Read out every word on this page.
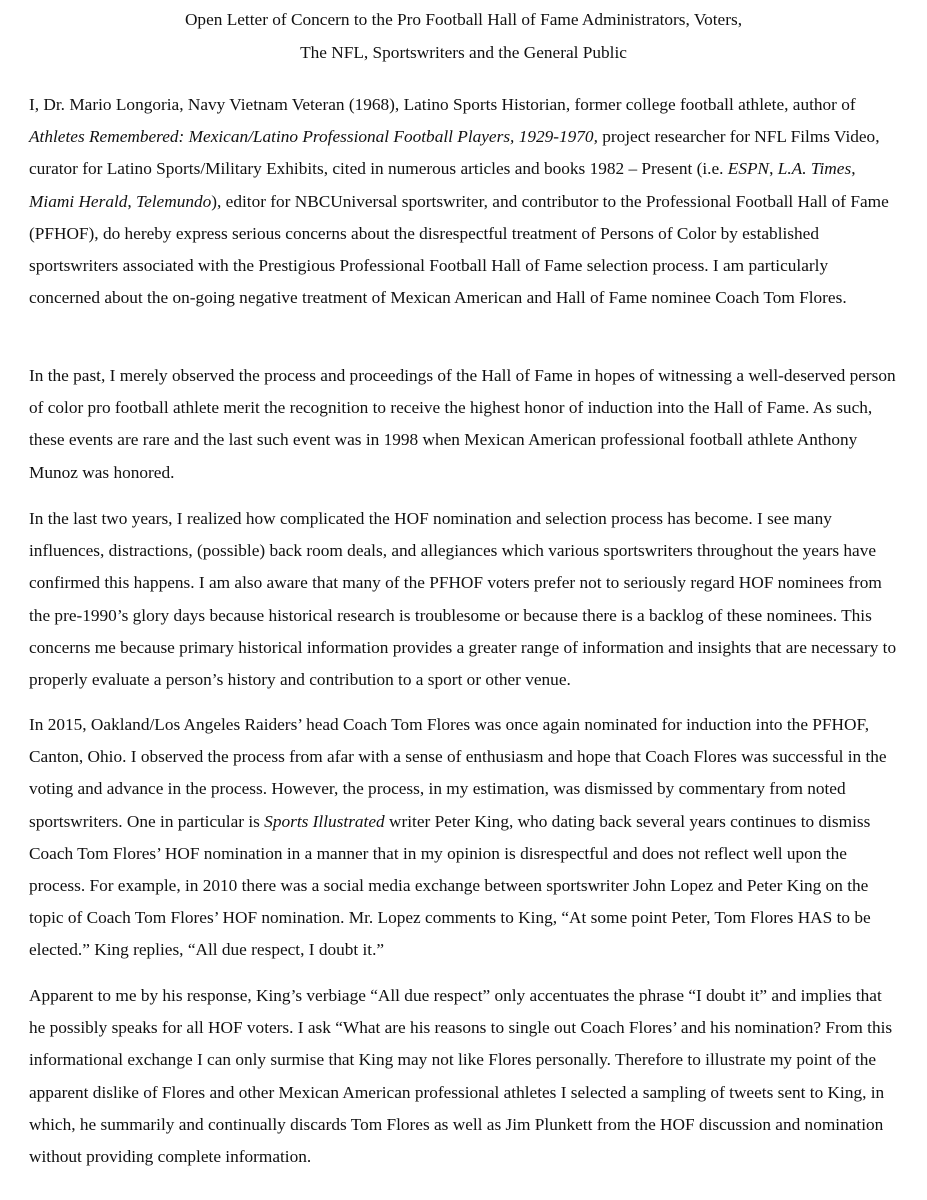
Open Letter of Concern to the Pro Football Hall of Fame Administrators, Voters,
The NFL, Sportswriters and the General Public

I, Dr. Mario Longoria, Navy Vietnam Veteran (1968), Latino Sports Historian, former college football athlete, author of Athletes Remembered: Mexican/Latino Professional Football Players, 1929-1970, project researcher for NFL Films Video, curator for Latino Sports/Military Exhibits, cited in numerous articles and books 1982 – Present (i.e. ESPN, L.A. Times, Miami Herald, Telemundo), editor for NBCUniversal sportswriter, and contributor to the Professional Football Hall of Fame (PFHOF), do hereby express serious concerns about the disrespectful treatment of Persons of Color by established sportswriters associated with the Prestigious Professional Football Hall of Fame selection process. I am particularly concerned about the on-going negative treatment of Mexican American and Hall of Fame nominee Coach Tom Flores.

In the past, I merely observed the process and proceedings of the Hall of Fame in hopes of witnessing a well-deserved person of color pro football athlete merit the recognition to receive the highest honor of induction into the Hall of Fame. As such, these events are rare and the last such event was in 1998 when Mexican American professional football athlete Anthony Munoz was honored.

In the last two years, I realized how complicated the HOF nomination and selection process has become. I see many influences, distractions, (possible) back room deals, and allegiances which various sportswriters throughout the years have confirmed this happens. I am also aware that many of the PFHOF voters prefer not to seriously regard HOF nominees from the pre-1990’s glory days because historical research is troublesome or because there is a backlog of these nominees. This concerns me because primary historical information provides a greater range of information and insights that are necessary to properly evaluate a person’s history and contribution to a sport or other venue.

In 2015, Oakland/Los Angeles Raiders’ head Coach Tom Flores was once again nominated for induction into the PFHOF, Canton, Ohio. I observed the process from afar with a sense of enthusiasm and hope that Coach Flores was successful in the voting and advance in the process. However, the process, in my estimation, was dismissed by commentary from noted sportswriters. One in particular is Sports Illustrated writer Peter King, who dating back several years continues to dismiss Coach Tom Flores’ HOF nomination in a manner that in my opinion is disrespectful and does not reflect well upon the process. For example, in 2010 there was a social media exchange between sportswriter John Lopez and Peter King on the topic of Coach Tom Flores’ HOF nomination. Mr. Lopez comments to King, “At some point Peter, Tom Flores HAS to be elected.” King replies, “All due respect, I doubt it.”

Apparent to me by his response, King’s verbiage “All due respect” only accentuates the phrase “I doubt it” and implies that he possibly speaks for all HOF voters. I ask “What are his reasons to single out Coach Flores’ and his nomination? From this informational exchange I can only surmise that King may not like Flores personally. Therefore to illustrate my point of the apparent dislike of Flores and other Mexican American professional athletes I selected a sampling of tweets sent to King, in which, he summarily and continually discards Tom Flores as well as Jim Plunkett from the HOF discussion and nomination without providing complete information.
